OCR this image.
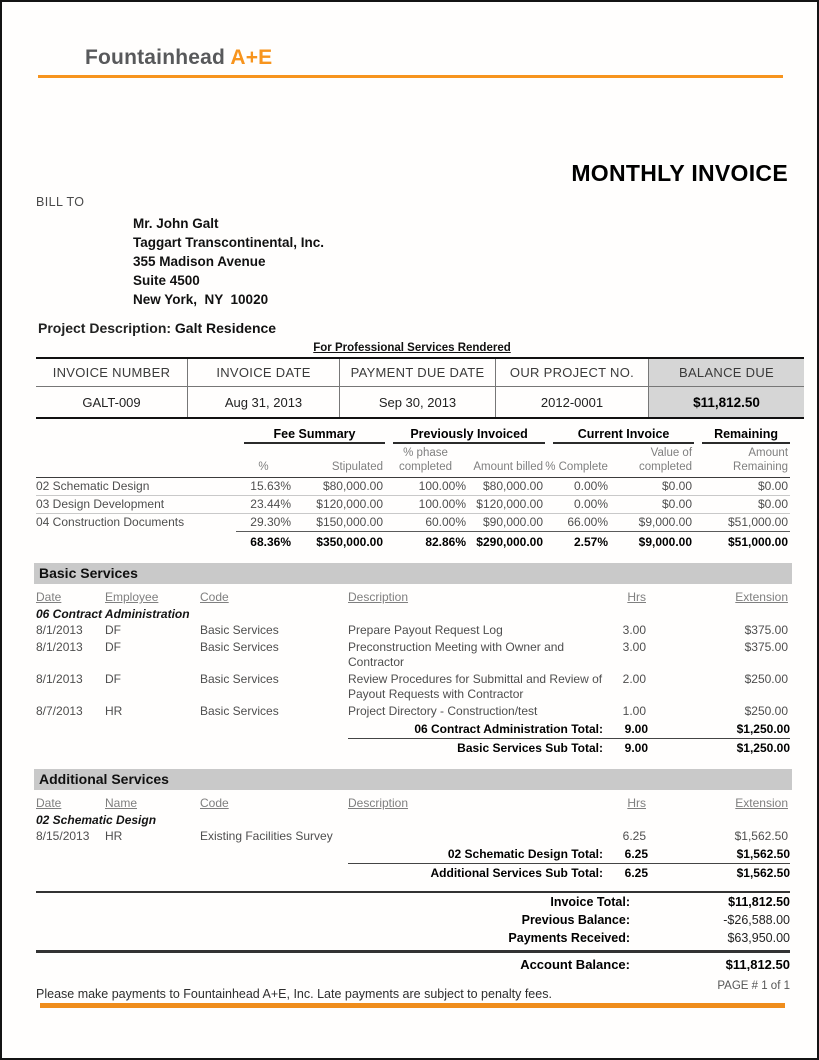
Fountainhead A+E
MONTHLY INVOICE
BILL TO
Mr. John Galt
Taggart Transcontinental, Inc.
355 Madison Avenue
Suite 4500
New York,  NY  10020
Project Description: Galt Residence
For Professional Services Rendered
INVOICE NUMBER	INVOICE DATE	PAYMENT DUE DATE	OUR PROJECT NO.	BALANCE DUE
GALT-009	Aug 31, 2013	Sep 30, 2013	2012-0001	$11,812.50

	Fee Summary		Previously Invoiced		Current Invoice		Remaining

	%	Stipulated	% phase completed	Amount billed	% Complete	Value of completed	Amount Remaining
02 Schematic Design	15.63%	$80,000.00	100.00%	$80,000.00	0.00%	$0.00	$0.00
03 Design Development	23.44%	$120,000.00	100.00%	$120,000.00	0.00%	$0.00	$0.00
04 Construction Documents	29.30%	$150,000.00	60.00%	$90,000.00	66.00%	$9,000.00	$51,000.00
	68.36%	$350,000.00	82.86%	$290,000.00	2.57%	$9,000.00	$51,000.00
Basic Services
Date	Employee	Code	Description	Hrs	Extension
06 Contract Administration					
8/1/2013	DF	Basic Services	Prepare Payout Request Log	3.00	$375.00
8/1/2013	DF	Basic Services	Preconstruction Meeting with Owner and Contractor	3.00	$375.00
8/1/2013	DF	Basic Services	Review Procedures for Submittal and Review of Payout Requests with Contractor	2.00	$250.00
8/7/2013	HR	Basic Services	Project Directory - Construction/test	1.00	$250.00
			06 Contract Administration Total:	9.00	$1,250.00
			Basic Services Sub Total:	9.00	$1,250.00
Additional Services
Date	Name	Code	Description	Hrs	Extension
02 Schematic Design					
8/15/2013	HR	Existing Facilities Survey		6.25	$1,562.50
			02 Schematic Design Total:	6.25	$1,562.50
			Additional Services Sub Total:	6.25	$1,562.50
Invoice Total:	$11,812.50
Previous Balance:	-$26,588.00
Payments Received:	$63,950.00
Account Balance:	$11,812.50
Please make payments to Fountainhead A+E, Inc. Late payments are subject to penalty fees.
PAGE # 1 of 1
